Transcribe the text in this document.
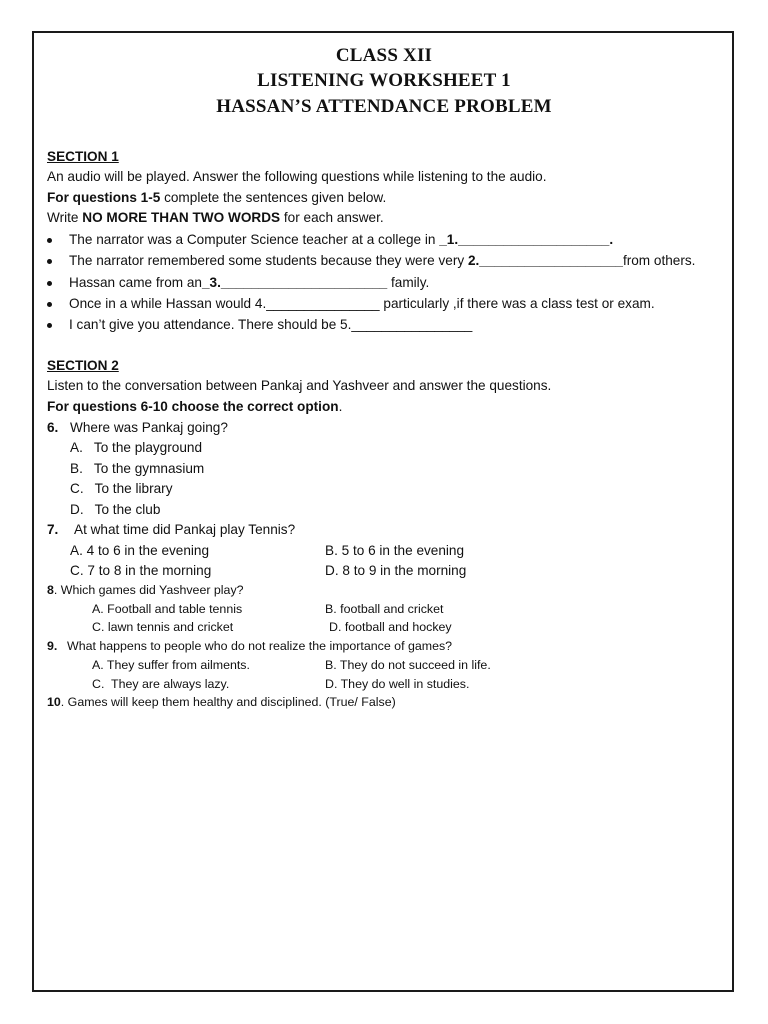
CLASS XII
LISTENING WORKSHEET 1
HASSAN’S ATTENDANCE PROBLEM
SECTION 1
An audio will be played. Answer the following questions while listening to the audio.
For questions 1-5 complete the sentences given below.
Write NO MORE THAN TWO WORDS for each answer.
The narrator was a Computer Science teacher at a college in _1.____________________.
The narrator remembered some students because they were very 2.___________________from others.
Hassan came from an_3.______________________ family.
Once in a while Hassan would 4._______________ particularly ,if there was a class test or exam.
I can’t give you attendance. There should be 5.________________
SECTION 2
Listen to the conversation between Pankaj and Yashveer and answer the questions.
For questions 6-10 choose the correct option.
6. Where was Pankaj going?
A.   To the playground
B.   To the gymnasium
C.   To the library
D.   To the club
7. At what time did Pankaj play Tennis?
A. 4 to 6 in the evening	B. 5 to 6 in the evening
C. 7 to 8 in the morning	D. 8 to 9 in the morning
8. Which games did Yashveer play?
A. Football and table tennis	B. football and cricket
C. lawn tennis and cricket	D. football and hockey
9. What happens to people who do not realize the importance of games?
A. They suffer from ailments.	B. They do not succeed in life.
C.  They are always lazy.	D. They do well in studies.
10. Games will keep them healthy and disciplined. (True/ False)
